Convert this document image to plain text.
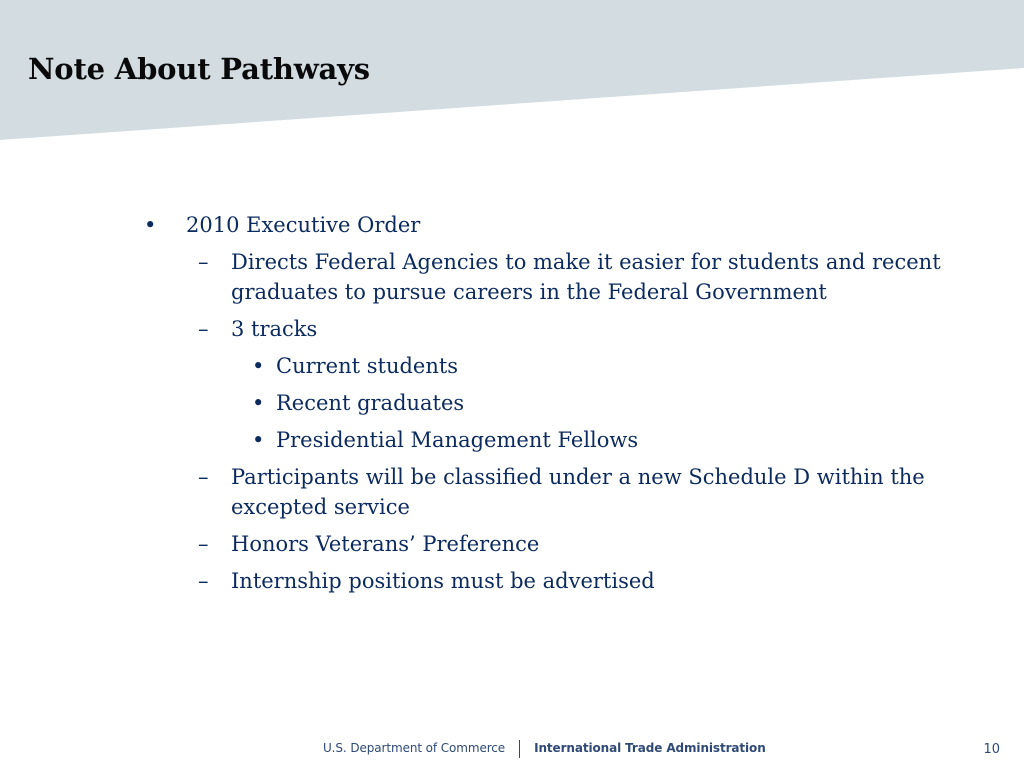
Note About Pathways
• 2010 Executive Order
– Directs Federal Agencies to make it easier for students and recent graduates to pursue careers in the Federal Government
– 3 tracks
• Current students
• Recent graduates
• Presidential Management Fellows
– Participants will be classified under a new Schedule D within the excepted service
– Honors Veterans’ Preference
– Internship positions must be advertised
U.S. Department of Commerce International Trade Administration	10
